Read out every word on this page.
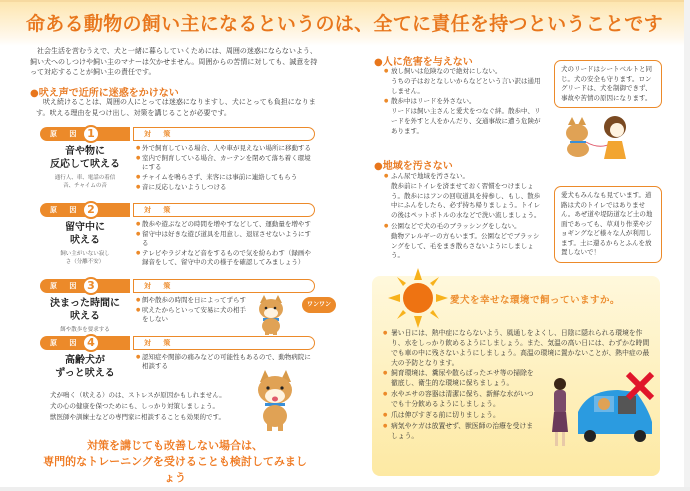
命ある動物の飼い主になるというのは、全てに責任を持つということです

社会生活を営むうえで、犬と一緒に暮らしていくためには、周囲の迷惑にならないよう、飼い犬へのしつけや飼い主のマナーは欠かせません。周囲からの苦情に対しても、誠意を持って対応することが飼い主の責任です。

●吠え声で近所に迷惑をかけない

吠え続けることは、周囲の人にとっては迷惑になりますし、犬にとっても負担になります。吠える理由を見つけ出し、対策を講じることが必要です。

原 因 1	対 策
音や物に
反応して吠える
通行人、車、電話の着信音、チャイムの音
● 外で飼育している場合、人や車が見えない場所に移動する
● 室内で飼育している場合、カーテンを閉めて落ち着く環境にする
● チャイムを鳴らさず、来客には事前に連絡してもらう
● 音に反応しないようしつける
原 因 2	対 策
留守中に
吠える
飼い主がいない寂しさ（分離不安）
● 散歩や遊ぶなどの時間を増やすなどして、運動量を増やす
● 留守中は好きな遊び道具を用意し、退屈させないようにする
● テレビやラジオなど音をするもので気を紛らわす（録画や録音をして、留守中の犬の様子を確認してみましょう）
原 因 3	対 策
決まった時間に
吠える
餌や散歩を要求する
● 餌や散歩の時間を日によってずらす
● 吠えたからといって安易に犬の相手をしない
原 因 4	対 策
高齢犬が
ずっと吠える
● 認知症や関節の痛みなどの可能性もあるので、動物病院に相談する
ワンワン
犬が鳴く（吠える）のは、ストレスが原因かもしれません。
犬の心の健康を保つためにも、しっかり対策しましょう。
獣医師や訓練士などの専門家に相談することも効果的です。
対策を講じても改善しない場合は、
専門的なトレーニングを受けることも検討してみましょう
●人に危害を与えない
● 放し飼いは危険なので絶対にしない。
うちの子はおとなしいからなどという言い訳は通用しません。
● 散歩中はリードを外さない。
リードは飼い主さんと愛犬をつなぐ絆。散歩中、リードを外すと人をかんだり、交通事故に遭う危険があります。
犬のリードはシートベルトと同じ。犬の安全も守ります。ロングリードは、犬を制御できず、事故や苦情の原因になります。
●地域を汚さない
● ふん尿で地域を汚さない。
散歩前にトイレを済ませておく習慣をつけましょう。散歩にはフンの回収道具を持参し、もし、散歩中にふんをしたら、必ず持ち帰りましょう。トイレの後はペットボトルの水などで洗い流しましょう。
● 公園などで犬の毛のブラッシングをしない。
動物アレルギーの方もいます。公園などでブラッシングをして、毛をまき散らさないようにしましょう。
愛犬もみんなも見ています。道路は犬のトイレではありません。あぜ道や堤防道など土の地面であっても、草刈り作業やジョギングなど様々な人が利用します。土に還るからとふんを放置しないで！
愛犬を幸せな環境で飼っていますか。
● 暑い日には、熱中症にならないよう、風通しをよくし、日陰に隠れられる環境を作り、水をしっかり飲めるようにしましょう。また、気温の高い日には、わずかな時間でも車の中に残さないようにしましょう。高温の環境に置かないことが、熱中症の最大の予防となります。
● 飼育環境は、糞尿や散らばったエサ等の掃除を徹底し、衛生的な環境に保ちましょう。
● 水やエサの容器は清潔に保ち、新鮮な水がいつでも十分飲めるようにしましょう。
● 爪は伸びすぎる前に切りましょう。
● 病気やケガは放置せず、獣医師の治療を受けましょう。
